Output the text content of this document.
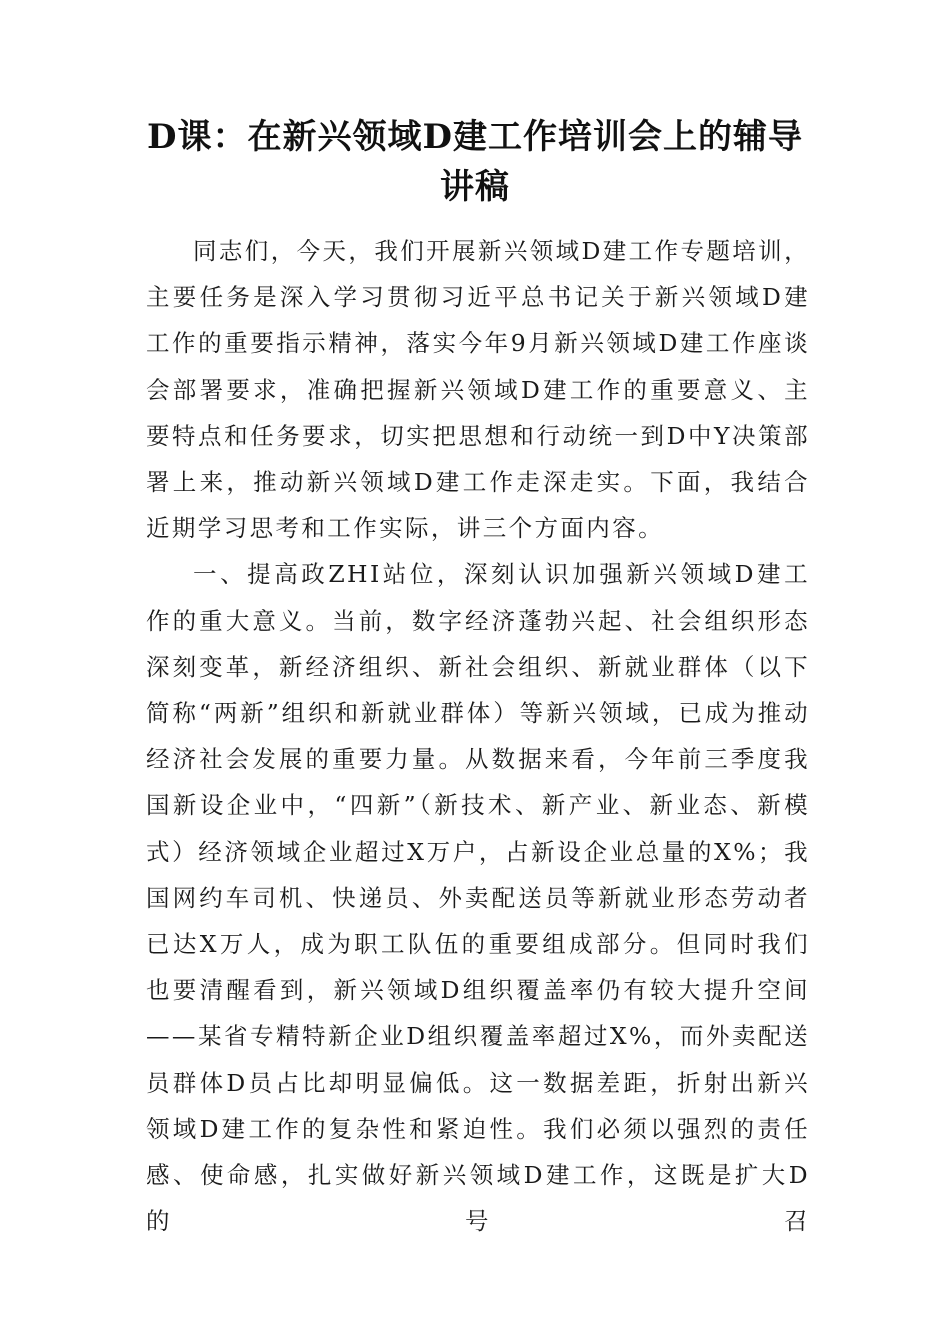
D课：在新兴领域D建工作培训会上的辅导讲稿

同志们，今天，我们开展新兴领域D建工作专题培训，主要任务是深入学习贯彻习近平总书记关于新兴领域D建工作的重要指示精神，落实今年9月新兴领域D建工作座谈会部署要求，准确把握新兴领域D建工作的重要意义、主要特点和任务要求，切实把思想和行动统一到D中Y决策部署上来，推动新兴领域D建工作走深走实。下面，我结合近期学习思考和工作实际，讲三个方面内容。

一、提高政ZHI站位，深刻认识加强新兴领域D建工作的重大意义。当前，数字经济蓬勃兴起、社会组织形态深刻变革，新经济组织、新社会组织、新就业群体（以下简称“两新”组织和新就业群体）等新兴领域，已成为推动经济社会发展的重要力量。从数据来看，今年前三季度我国新设企业中，“四新”（新技术、新产业、新业态、新模式）经济领域企业超过X万户，占新设企业总量的X%；我国网约车司机、快递员、外卖配送员等新就业形态劳动者已达X万人，成为职工队伍的重要组成部分。但同时我们也要清醒看到，新兴领域D组织覆盖率仍有较大提升空间——某省专精特新企业D组织覆盖率超过X%，而外卖配送员群体D员占比却明显偏低。这一数据差距，折射出新兴领域D建工作的复杂性和紧迫性。我们必须以强烈的责任感、使命感，扎实做好新兴领域D建工作，这既是扩大D的号召
